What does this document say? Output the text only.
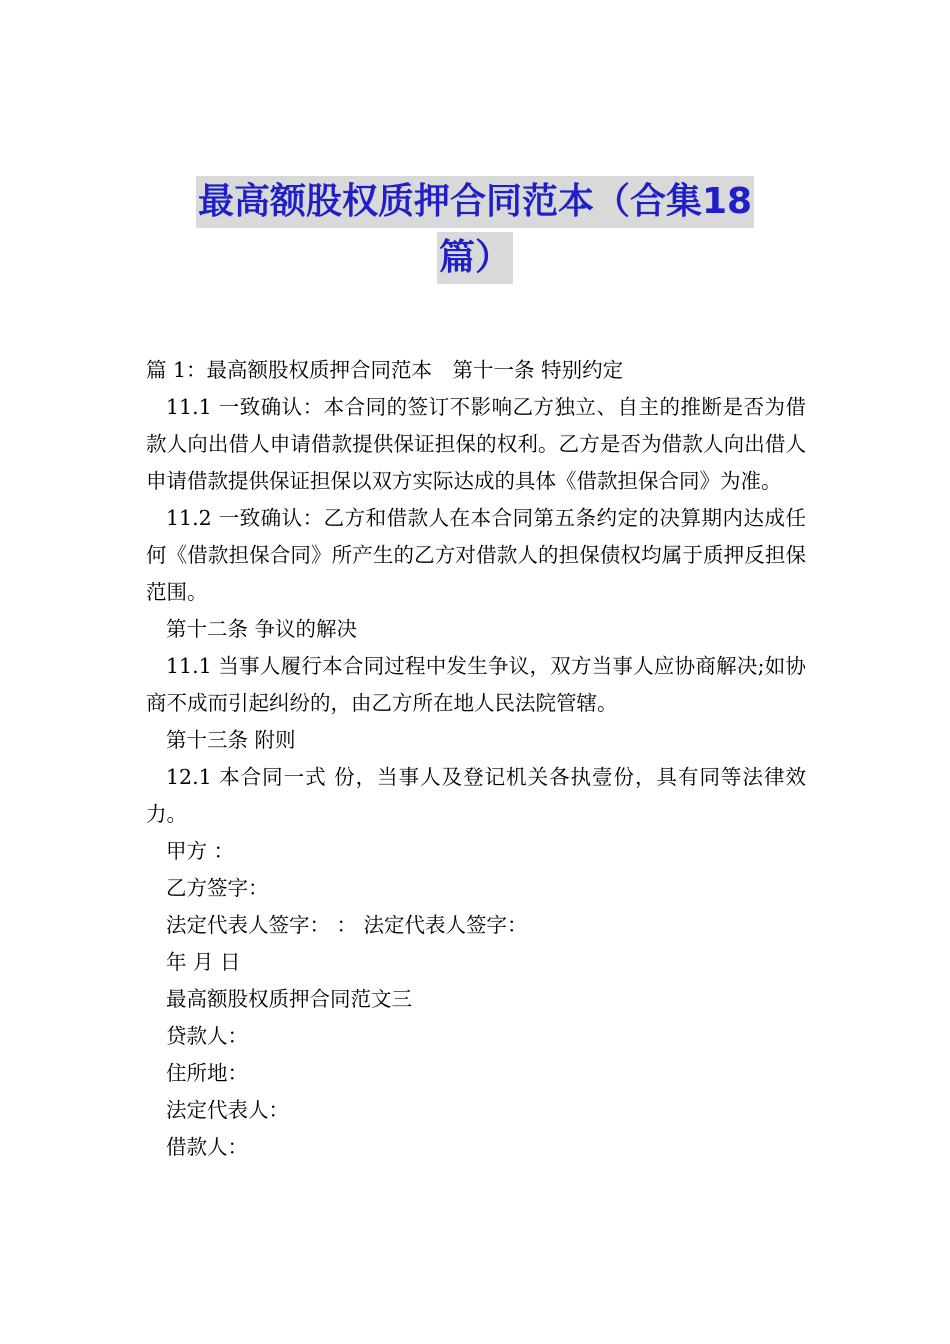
最高额股权质押合同范本（合集18
篇）

篇 1：最高额股权质押合同范本　第十一条 特别约定

11.1 一致确认：本合同的签订不影响乙方独立、自主的推断是否为借款人向出借人申请借款提供保证担保的权利。乙方是否为借款人向出借人申请借款提供保证担保以双方实际达成的具体《借款担保合同》为准。

11.2 一致确认：乙方和借款人在本合同第五条约定的决算期内达成任何《借款担保合同》所产生的乙方对借款人的担保债权均属于质押反担保范围。

第十二条 争议的解决

11.1 当事人履行本合同过程中发生争议，双方当事人应协商解决;如协商不成而引起纠纷的，由乙方所在地人民法院管辖。

第十三条 附则

12.1 本合同一式 份，当事人及登记机关各执壹份，具有同等法律效力。

甲方 ：

乙方签字：

法定代表人签字： ： 法定代表人签字：

年 月 日

最高额股权质押合同范文三

贷款人：

住所地：

法定代表人：

借款人：
